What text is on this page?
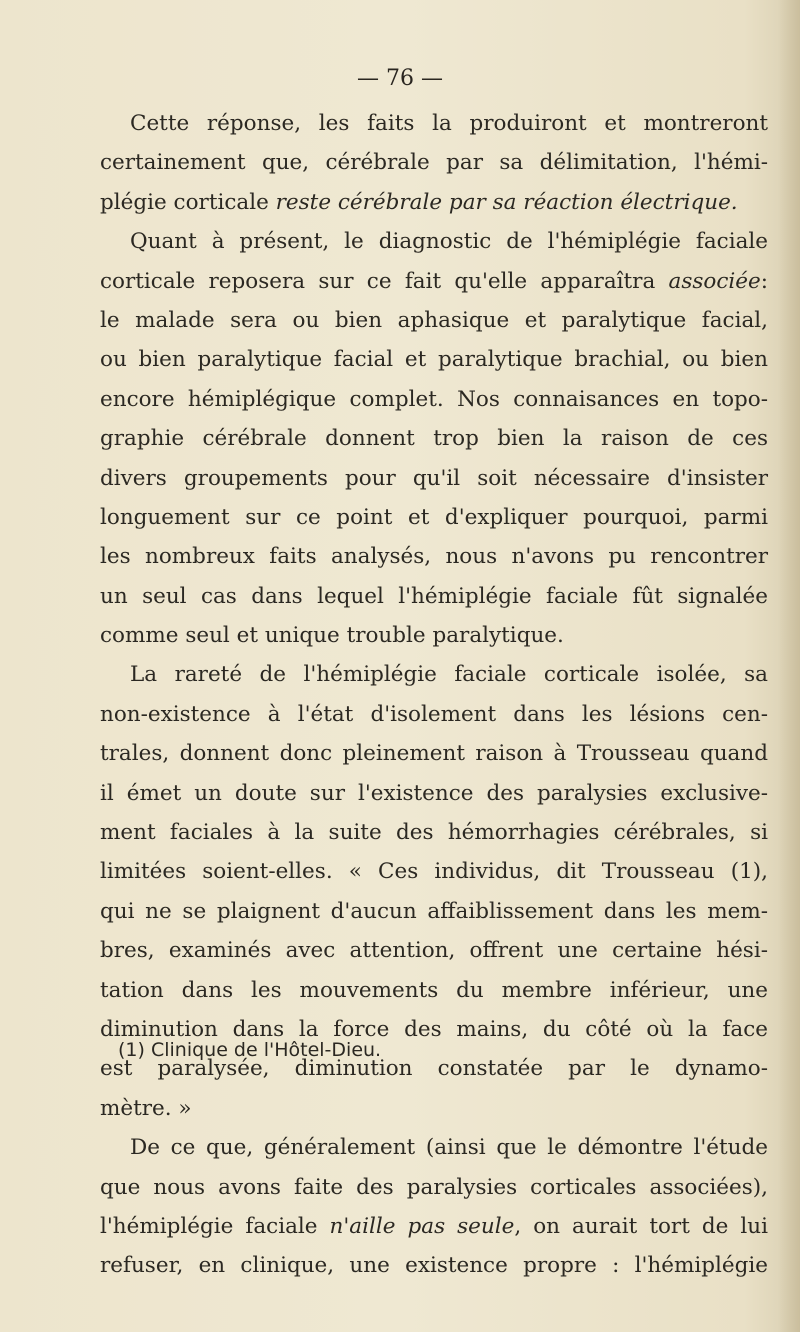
— 76 —
Cette réponse, les faits la produiront et montreront
certainement que, cérébrale par sa délimitation, l'hémi-
plégie corticale reste cérébrale par sa réaction électrique.
Quant à présent, le diagnostic de l'hémiplégie faciale
corticale reposera sur ce fait qu'elle apparaîtra associée:
le malade sera ou bien aphasique et paralytique facial,
ou bien paralytique facial et paralytique brachial, ou bien
encore hémiplégique complet. Nos connaisances en topo-
graphie cérébrale donnent trop bien la raison de ces
divers groupements pour qu'il soit nécessaire d'insister
longuement sur ce point et d'expliquer pourquoi, parmi
les nombreux faits analysés, nous n'avons pu rencontrer
un seul cas dans lequel l'hémiplégie faciale fût signalée
comme seul et unique trouble paralytique.
La rareté de l'hémiplégie faciale corticale isolée, sa
non-existence à l'état d'isolement dans les lésions cen-
trales, donnent donc pleinement raison à Trousseau quand
il émet un doute sur l'existence des paralysies exclusive-
ment faciales à la suite des hémorrhagies cérébrales, si
limitées soient-elles. « Ces individus, dit Trousseau (1),
qui ne se plaignent d'aucun affaiblissement dans les mem-
bres, examinés avec attention, offrent une certaine hési-
tation dans les mouvements du membre inférieur, une
diminution dans la force des mains, du côté où la face
est paralysée, diminution constatée par le dynamo-
mètre. »
De ce que, généralement (ainsi que le démontre l'étude
que nous avons faite des paralysies corticales associées),
l'hémiplégie faciale n'aille pas seule, on aurait tort de lui
refuser, en clinique, une existence propre : l'hémiplégie
(1) Clinique de l'Hôtel-Dieu.
